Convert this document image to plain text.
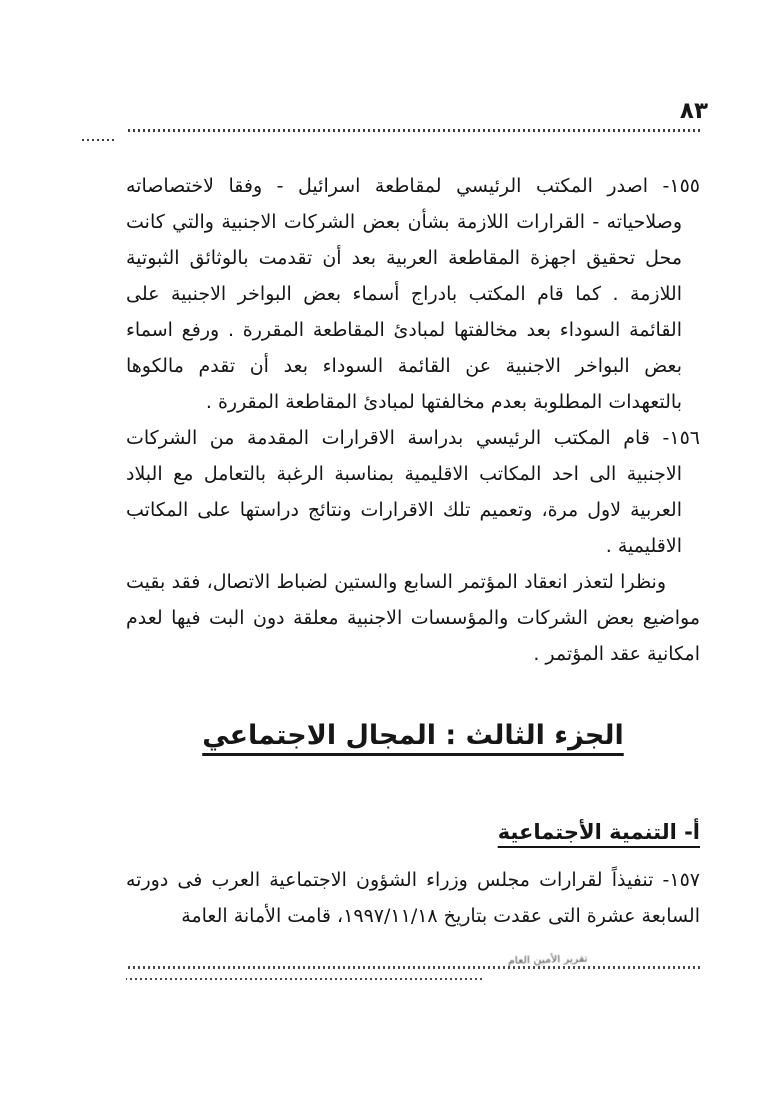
٨٣

١٥٥- اصدر المكتب الرئيسي لمقاطعة اسرائيل - وفقا لاختصاصاته وصلاحياته - القرارات اللازمة بشأن بعض الشركات الاجنبية والتي كانت محل تحقيق اجهزة المقاطعة العربية بعد أن تقدمت بالوثائق الثبوتية اللازمة . كما قام المكتب بادراج أسماء بعض البواخر الاجنبية على القائمة السوداء بعد مخالفتها لمبادئ المقاطعة المقررة . ورفع اسماء بعض البواخر الاجنبية عن القائمة السوداء بعد أن تقدم مالكوها بالتعهدات المطلوبة بعدم مخالفتها لمبادئ المقاطعة المقررة .

١٥٦- قام المكتب الرئيسي بدراسة الاقرارات المقدمة من الشركات الاجنبية الى احد المكاتب الاقليمية بمناسبة الرغبة بالتعامل مع البلاد العربية لاول مرة، وتعميم تلك الاقرارات ونتائج دراستها على المكاتب الاقليمية .

ونظرا لتعذر انعقاد المؤتمر السابع والستين لضباط الاتصال، فقد بقيت مواضيع بعض الشركات والمؤسسات الاجنبية معلقة دون البت فيها لعدم امكانية عقد المؤتمر .

الجزء الثالث : المجال الاجتماعي

أ- التنمية الأجتماعية

١٥٧- تنفيذاً لقرارات مجلس وزراء الشؤون الاجتماعية العرب فى دورته السابعة عشرة التى عقدت بتاريخ ١٩٩٧/١١/١٨، قامت الأمانة العامة

تقرير الأمين العام
